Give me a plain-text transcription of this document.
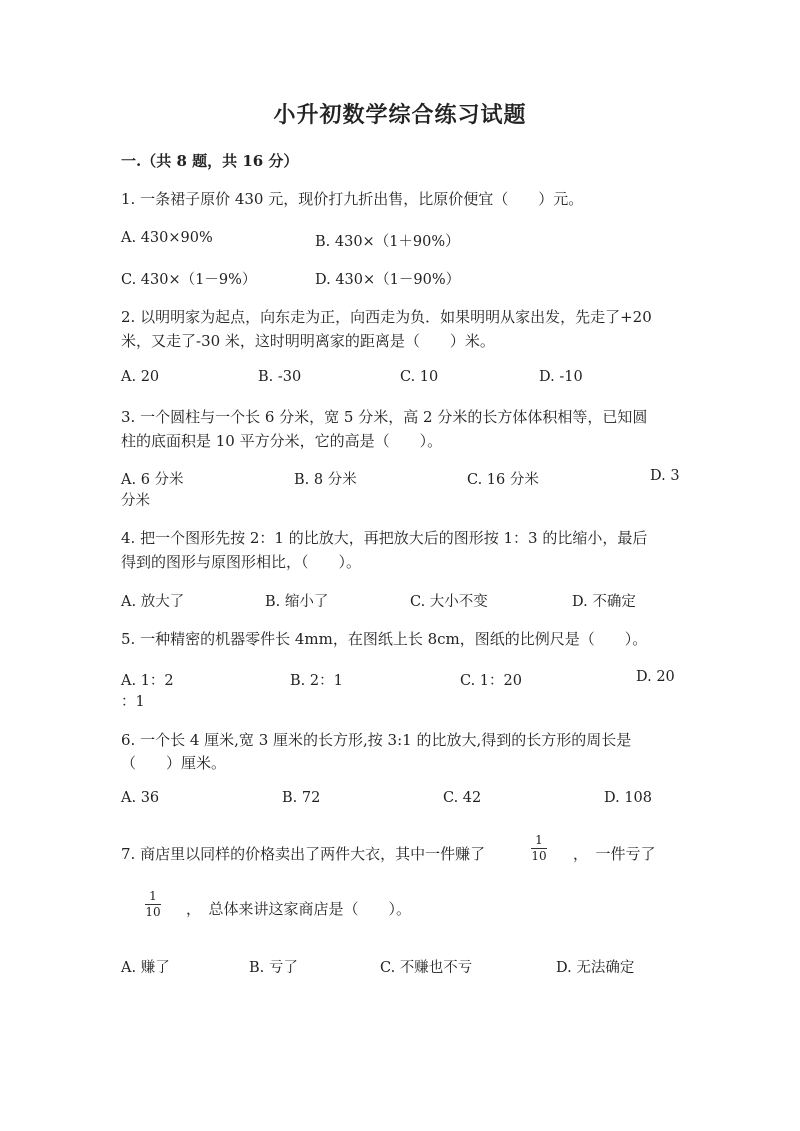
小升初数学综合练习试题
一.（共 8 题，共 16 分）
1. 一条裙子原价 430 元，现价打九折出售，比原价便宜（　　）元。
A. 430×90%	B. 430×（1＋90%）
C. 430×（1－9%）	D. 430×（1－90%）
2. 以明明家为起点，向东走为正，向西走为负．如果明明从家出发，先走了+20
米，又走了-30 米，这时明明离家的距离是（　　）米。
A. 20	B. -30	C. 10	D. -10
3. 一个圆柱与一个长 6 分米，宽 5 分米，高 2 分米的长方体体积相等，已知圆
柱的底面积是 10 平方分米，它的高是（　　）。
A. 6 分米	B. 8 分米	C. 16 分米	D. 3
分米
4. 把一个图形先按 2：1 的比放大，再把放大后的图形按 1：3 的比缩小，最后
得到的图形与原图形相比，（　　）。
A. 放大了	B. 缩小了	C. 大小不变	D. 不确定
5. 一种精密的机器零件长 4mm，在图纸上长 8cm，图纸的比例尺是（　　）。
A. 1：2	B. 2：1	C. 1：20	D. 20
：1
6. 一个长 4 厘米,宽 3 厘米的长方形,按 3:1 的比放大,得到的长方形的周长是
（　　）厘米。
A. 36	B. 72	C. 42	D. 108
7. 商店里以同样的价格卖出了两件大衣，其中一件赚了
1
10 ，　一件亏了
1
10 ，　总体来讲这家商店是（　　）。
A. 赚了	B. 亏了	C. 不赚也不亏	D. 无法确定
